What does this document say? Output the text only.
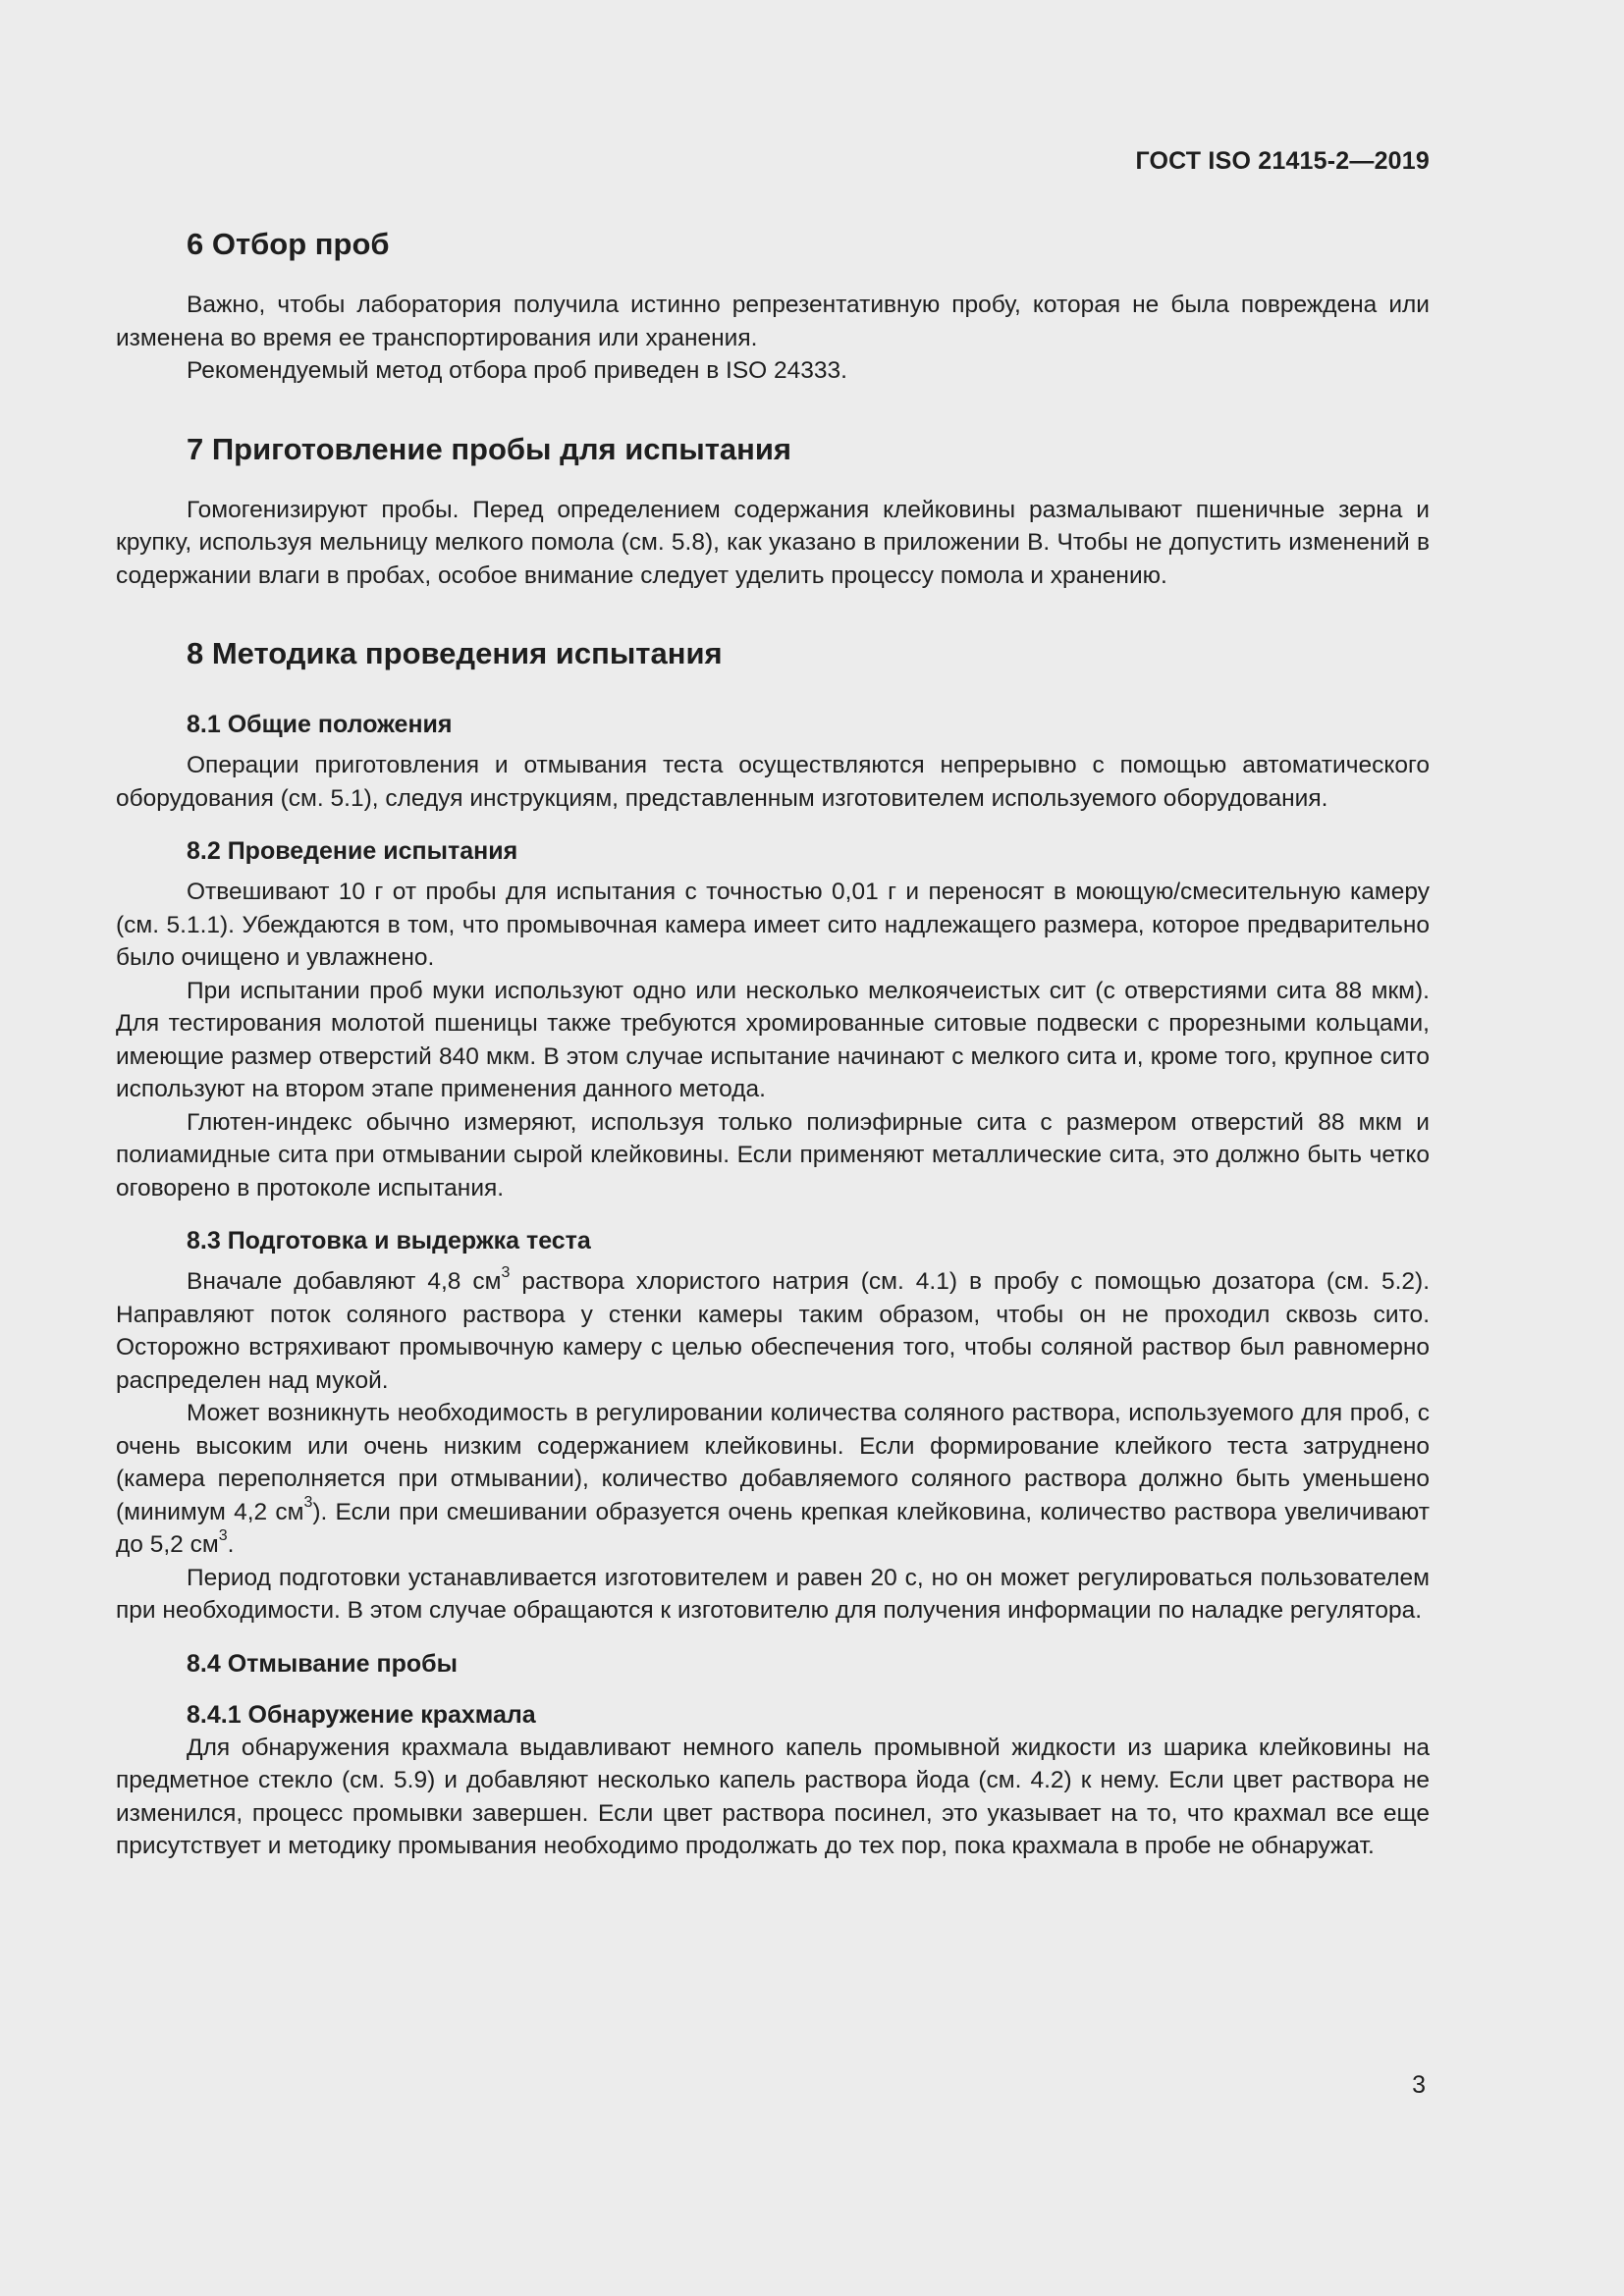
ГОСТ ISO 21415-2—2019
6 Отбор проб

Важно, чтобы лаборатория получила истинно репрезентативную пробу, которая не была повреждена или изменена во время ее транспортирования или хранения.

Рекомендуемый метод отбора проб приведен в ISO 24333.

7 Приготовление пробы для испытания

Гомогенизируют пробы. Перед определением содержания клейковины размалывают пшеничные зерна и крупку, используя мельницу мелкого помола (см. 5.8), как указано в приложении В. Чтобы не допустить изменений в содержании влаги в пробах, особое внимание следует уделить процессу помола и хранению.

8 Методика проведения испытания
8.1 Общие положения

Операции приготовления и отмывания теста осуществляются непрерывно с помощью автоматического оборудования (см. 5.1), следуя инструкциям, представленным изготовителем используемого оборудования.

8.2 Проведение испытания

Отвешивают 10 г от пробы для испытания с точностью 0,01 г и переносят в моющую/смесительную камеру (см. 5.1.1). Убеждаются в том, что промывочная камера имеет сито надлежащего размера, которое предварительно было очищено и увлажнено.

При испытании проб муки используют одно или несколько мелкоячеистых сит (с отверстиями сита 88 мкм). Для тестирования молотой пшеницы также требуются хромированные ситовые подвески с прорезными кольцами, имеющие размер отверстий 840 мкм. В этом случае испытание начинают с мелкого сита и, кроме того, крупное сито используют на втором этапе применения данного метода.

Глютен-индекс обычно измеряют, используя только полиэфирные сита с размером отверстий 88 мкм и полиамидные сита при отмывании сырой клейковины. Если применяют металлические сита, это должно быть четко оговорено в протоколе испытания.

8.3 Подготовка и выдержка теста

Вначале добавляют 4,8 $см^3$ раствора хлористого натрия (см. 4.1) в пробу с помощью дозатора (см. 5.2). Направляют поток соляного раствора у стенки камеры таким образом, чтобы он не проходил сквозь сито. Осторожно встряхивают промывочную камеру с целью обеспечения того, чтобы соляной раствор был равномерно распределен над мукой.

Может возникнуть необходимость в регулировании количества соляного раствора, используемого для проб, с очень высоким или очень низким содержанием клейковины. Если формирование клейкого теста затруднено (камера переполняется при отмывании), количество добавляемого соляного раствора должно быть уменьшено (минимум 4,2 $см^3$). Если при смешивании образуется очень крепкая клейковина, количество раствора увеличивают до 5,2 $см^3$.

Период подготовки устанавливается изготовителем и равен 20 с, но он может регулироваться пользователем при необходимости. В этом случае обращаются к изготовителю для получения информации по наладке регулятора.

8.4 Отмывание пробы
8.4.1 Обнаружение крахмала

Для обнаружения крахмала выдавливают немного капель промывной жидкости из шарика клейковины на предметное стекло (см. 5.9) и добавляют несколько капель раствора йода (см. 4.2) к нему. Если цвет раствора не изменился, процесс промывки завершен. Если цвет раствора посинел, это указывает на то, что крахмал все еще присутствует и методику промывания необходимо продолжать до тех пор, пока крахмала в пробе не обнаружат.

3
